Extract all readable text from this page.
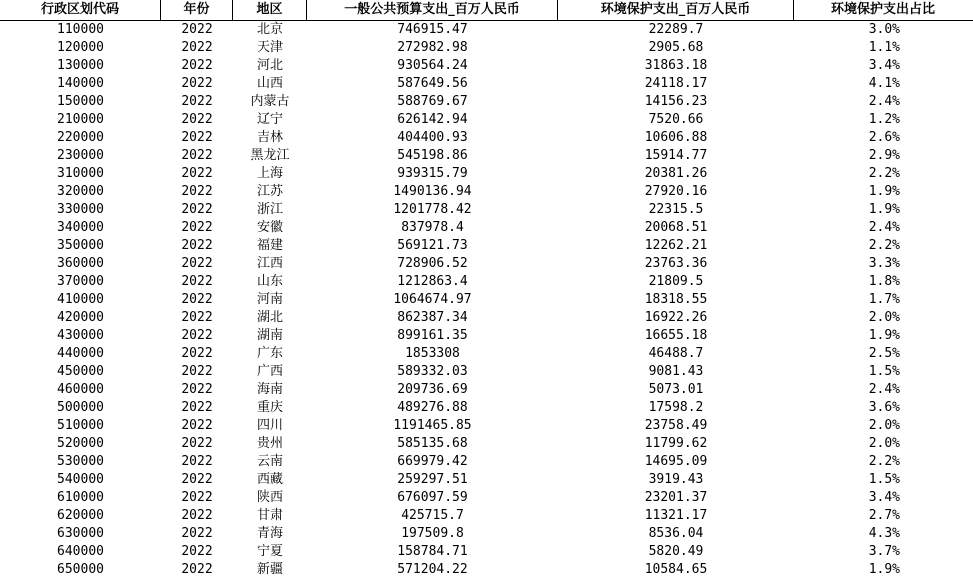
行政区划代码	年份	地区	一般公共预算支出_百万人民币	环境保护支出_百万人民币	环境保护支出占比
110000	2022	北京	746915.47	22289.7	3.0%
120000	2022	天津	272982.98	2905.68	1.1%
130000	2022	河北	930564.24	31863.18	3.4%
140000	2022	山西	587649.56	24118.17	4.1%
150000	2022	内蒙古	588769.67	14156.23	2.4%
210000	2022	辽宁	626142.94	7520.66	1.2%
220000	2022	吉林	404400.93	10606.88	2.6%
230000	2022	黑龙江	545198.86	15914.77	2.9%
310000	2022	上海	939315.79	20381.26	2.2%
320000	2022	江苏	1490136.94	27920.16	1.9%
330000	2022	浙江	1201778.42	22315.5	1.9%
340000	2022	安徽	837978.4	20068.51	2.4%
350000	2022	福建	569121.73	12262.21	2.2%
360000	2022	江西	728906.52	23763.36	3.3%
370000	2022	山东	1212863.4	21809.5	1.8%
410000	2022	河南	1064674.97	18318.55	1.7%
420000	2022	湖北	862387.34	16922.26	2.0%
430000	2022	湖南	899161.35	16655.18	1.9%
440000	2022	广东	1853308	46488.7	2.5%
450000	2022	广西	589332.03	9081.43	1.5%
460000	2022	海南	209736.69	5073.01	2.4%
500000	2022	重庆	489276.88	17598.2	3.6%
510000	2022	四川	1191465.85	23758.49	2.0%
520000	2022	贵州	585135.68	11799.62	2.0%
530000	2022	云南	669979.42	14695.09	2.2%
540000	2022	西藏	259297.51	3919.43	1.5%
610000	2022	陕西	676097.59	23201.37	3.4%
620000	2022	甘肃	425715.7	11321.17	2.7%
630000	2022	青海	197509.8	8536.04	4.3%
640000	2022	宁夏	158784.71	5820.49	3.7%
650000	2022	新疆	571204.22	10584.65	1.9%
